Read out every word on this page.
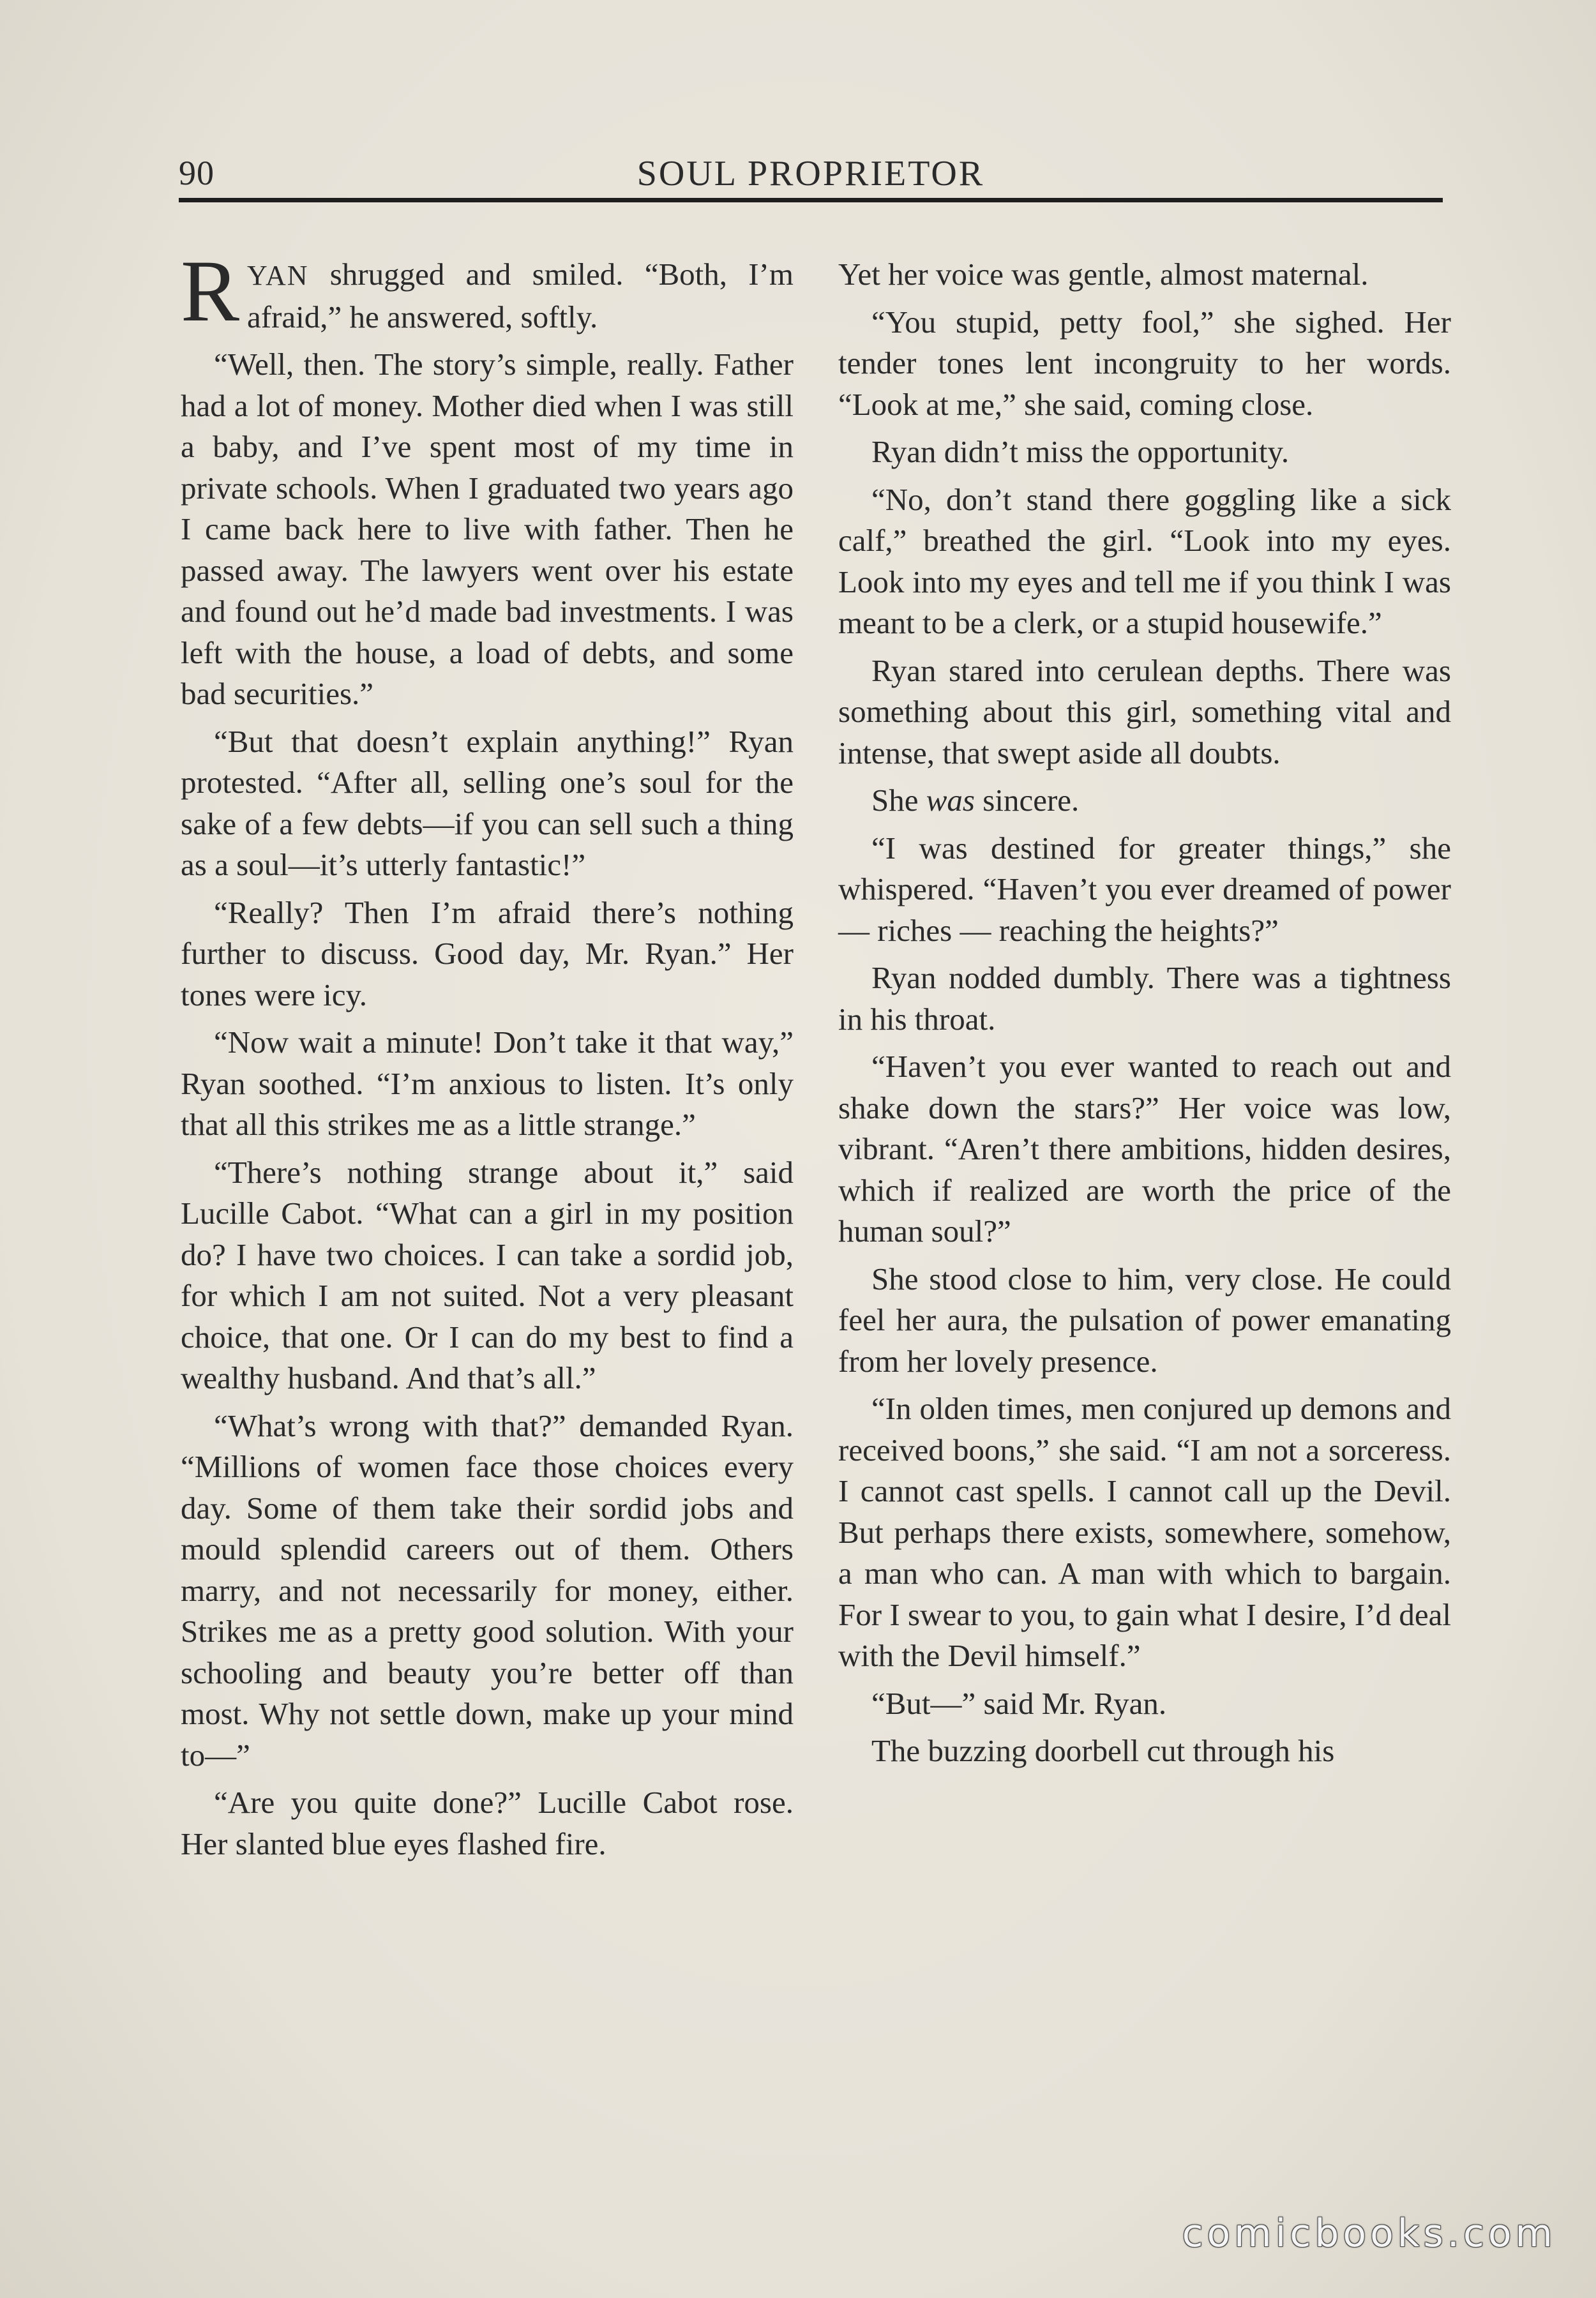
90	SOUL PROPRIETOR

RYAN shrugged and smiled. “Both, I’m afraid,” he answered, softly.

“Well, then. The story’s simple, really. Father had a lot of money. Mother died when I was still a baby, and I’ve spent most of my time in private schools. When I graduated two years ago I came back here to live with father. Then he passed away. The lawyers went over his estate and found out he’d made bad investments. I was left with the house, a load of debts, and some bad securities.”

“But that doesn’t explain anything!” Ryan protested. “After all, selling one’s soul for the sake of a few debts—if you can sell such a thing as a soul—it’s utterly fantastic!”

“Really? Then I’m afraid there’s nothing further to discuss. Good day, Mr. Ryan.” Her tones were icy.

“Now wait a minute! Don’t take it that way,” Ryan soothed. “I’m anxious to listen. It’s only that all this strikes me as a little strange.”

“There’s nothing strange about it,” said Lucille Cabot. “What can a girl in my position do? I have two choices. I can take a sordid job, for which I am not suited. Not a very pleasant choice, that one. Or I can do my best to find a wealthy husband. And that’s all.”

“What’s wrong with that?” demanded Ryan. “Millions of women face those choices every day. Some of them take their sordid jobs and mould splendid careers out of them. Others marry, and not necessarily for money, either. Strikes me as a pretty good solution. With your schooling and beauty you’re better off than most. Why not settle down, make up your mind to—”

“Are you quite done?” Lucille Cabot rose. Her slanted blue eyes flashed fire.

Yet her voice was gentle, almost maternal.

“You stupid, petty fool,” she sighed. Her tender tones lent incongruity to her words. “Look at me,” she said, coming close.

Ryan didn’t miss the opportunity.

“No, don’t stand there goggling like a sick calf,” breathed the girl. “Look into my eyes. Look into my eyes and tell me if you think I was meant to be a clerk, or a stupid housewife.”

Ryan stared into cerulean depths. There was something about this girl, something vital and intense, that swept aside all doubts.

She was sincere.

“I was destined for greater things,” she whispered. “Haven’t you ever dreamed of power — riches — reaching the heights?”

Ryan nodded dumbly. There was a tightness in his throat.

“Haven’t you ever wanted to reach out and shake down the stars?” Her voice was low, vibrant. “Aren’t there ambitions, hidden desires, which if realized are worth the price of the human soul?”

She stood close to him, very close. He could feel her aura, the pulsation of power emanating from her lovely presence.

“In olden times, men conjured up demons and received boons,” she said. “I am not a sorceress. I cannot cast spells. I cannot call up the Devil. But perhaps there exists, somewhere, somehow, a man who can. A man with which to bargain. For I swear to you, to gain what I desire, I’d deal with the Devil himself.”

“But—” said Mr. Ryan.

The buzzing doorbell cut through his

comicbooks.com
